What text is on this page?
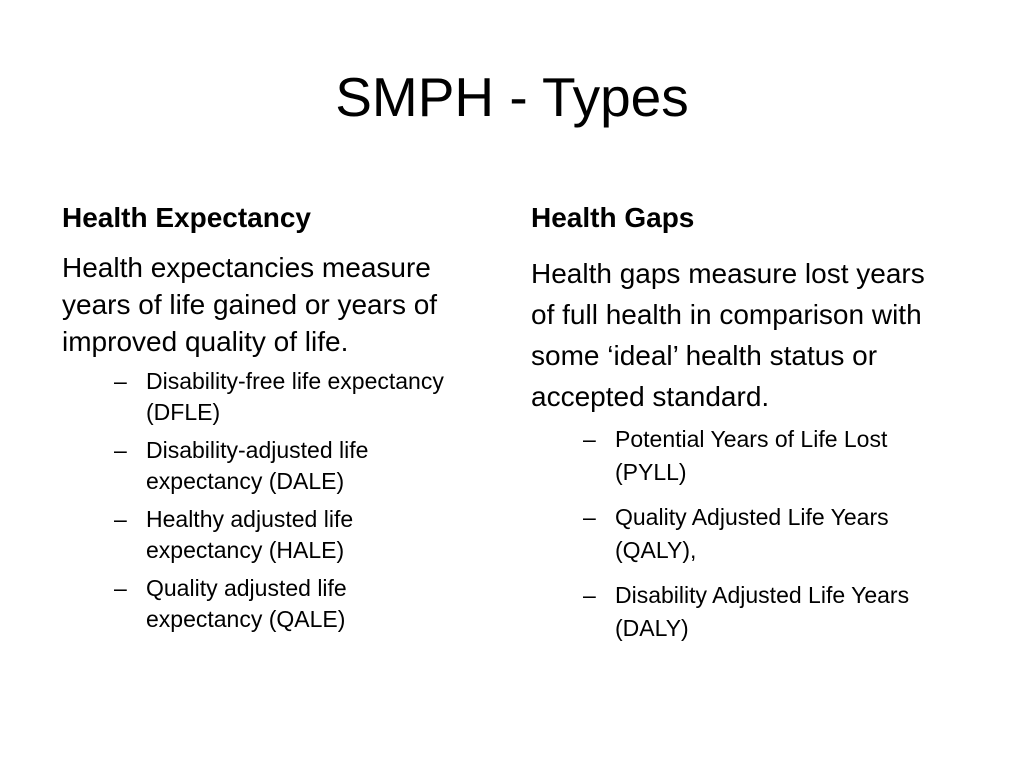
SMPH - Types

Health Expectancy

Health expectancies measure years of life gained or years of improved quality of life.

– Disability-free life expectancy (DFLE)
– Disability-adjusted life expectancy (DALE)
– Healthy adjusted life expectancy (HALE)
– Quality adjusted life expectancy (QALE)

Health Gaps

Health gaps measure lost years of full health in comparison with some ‘ideal’ health status or accepted standard.

– Potential Years of Life Lost (PYLL)
– Quality Adjusted Life Years (QALY),
– Disability Adjusted Life Years (DALY)
